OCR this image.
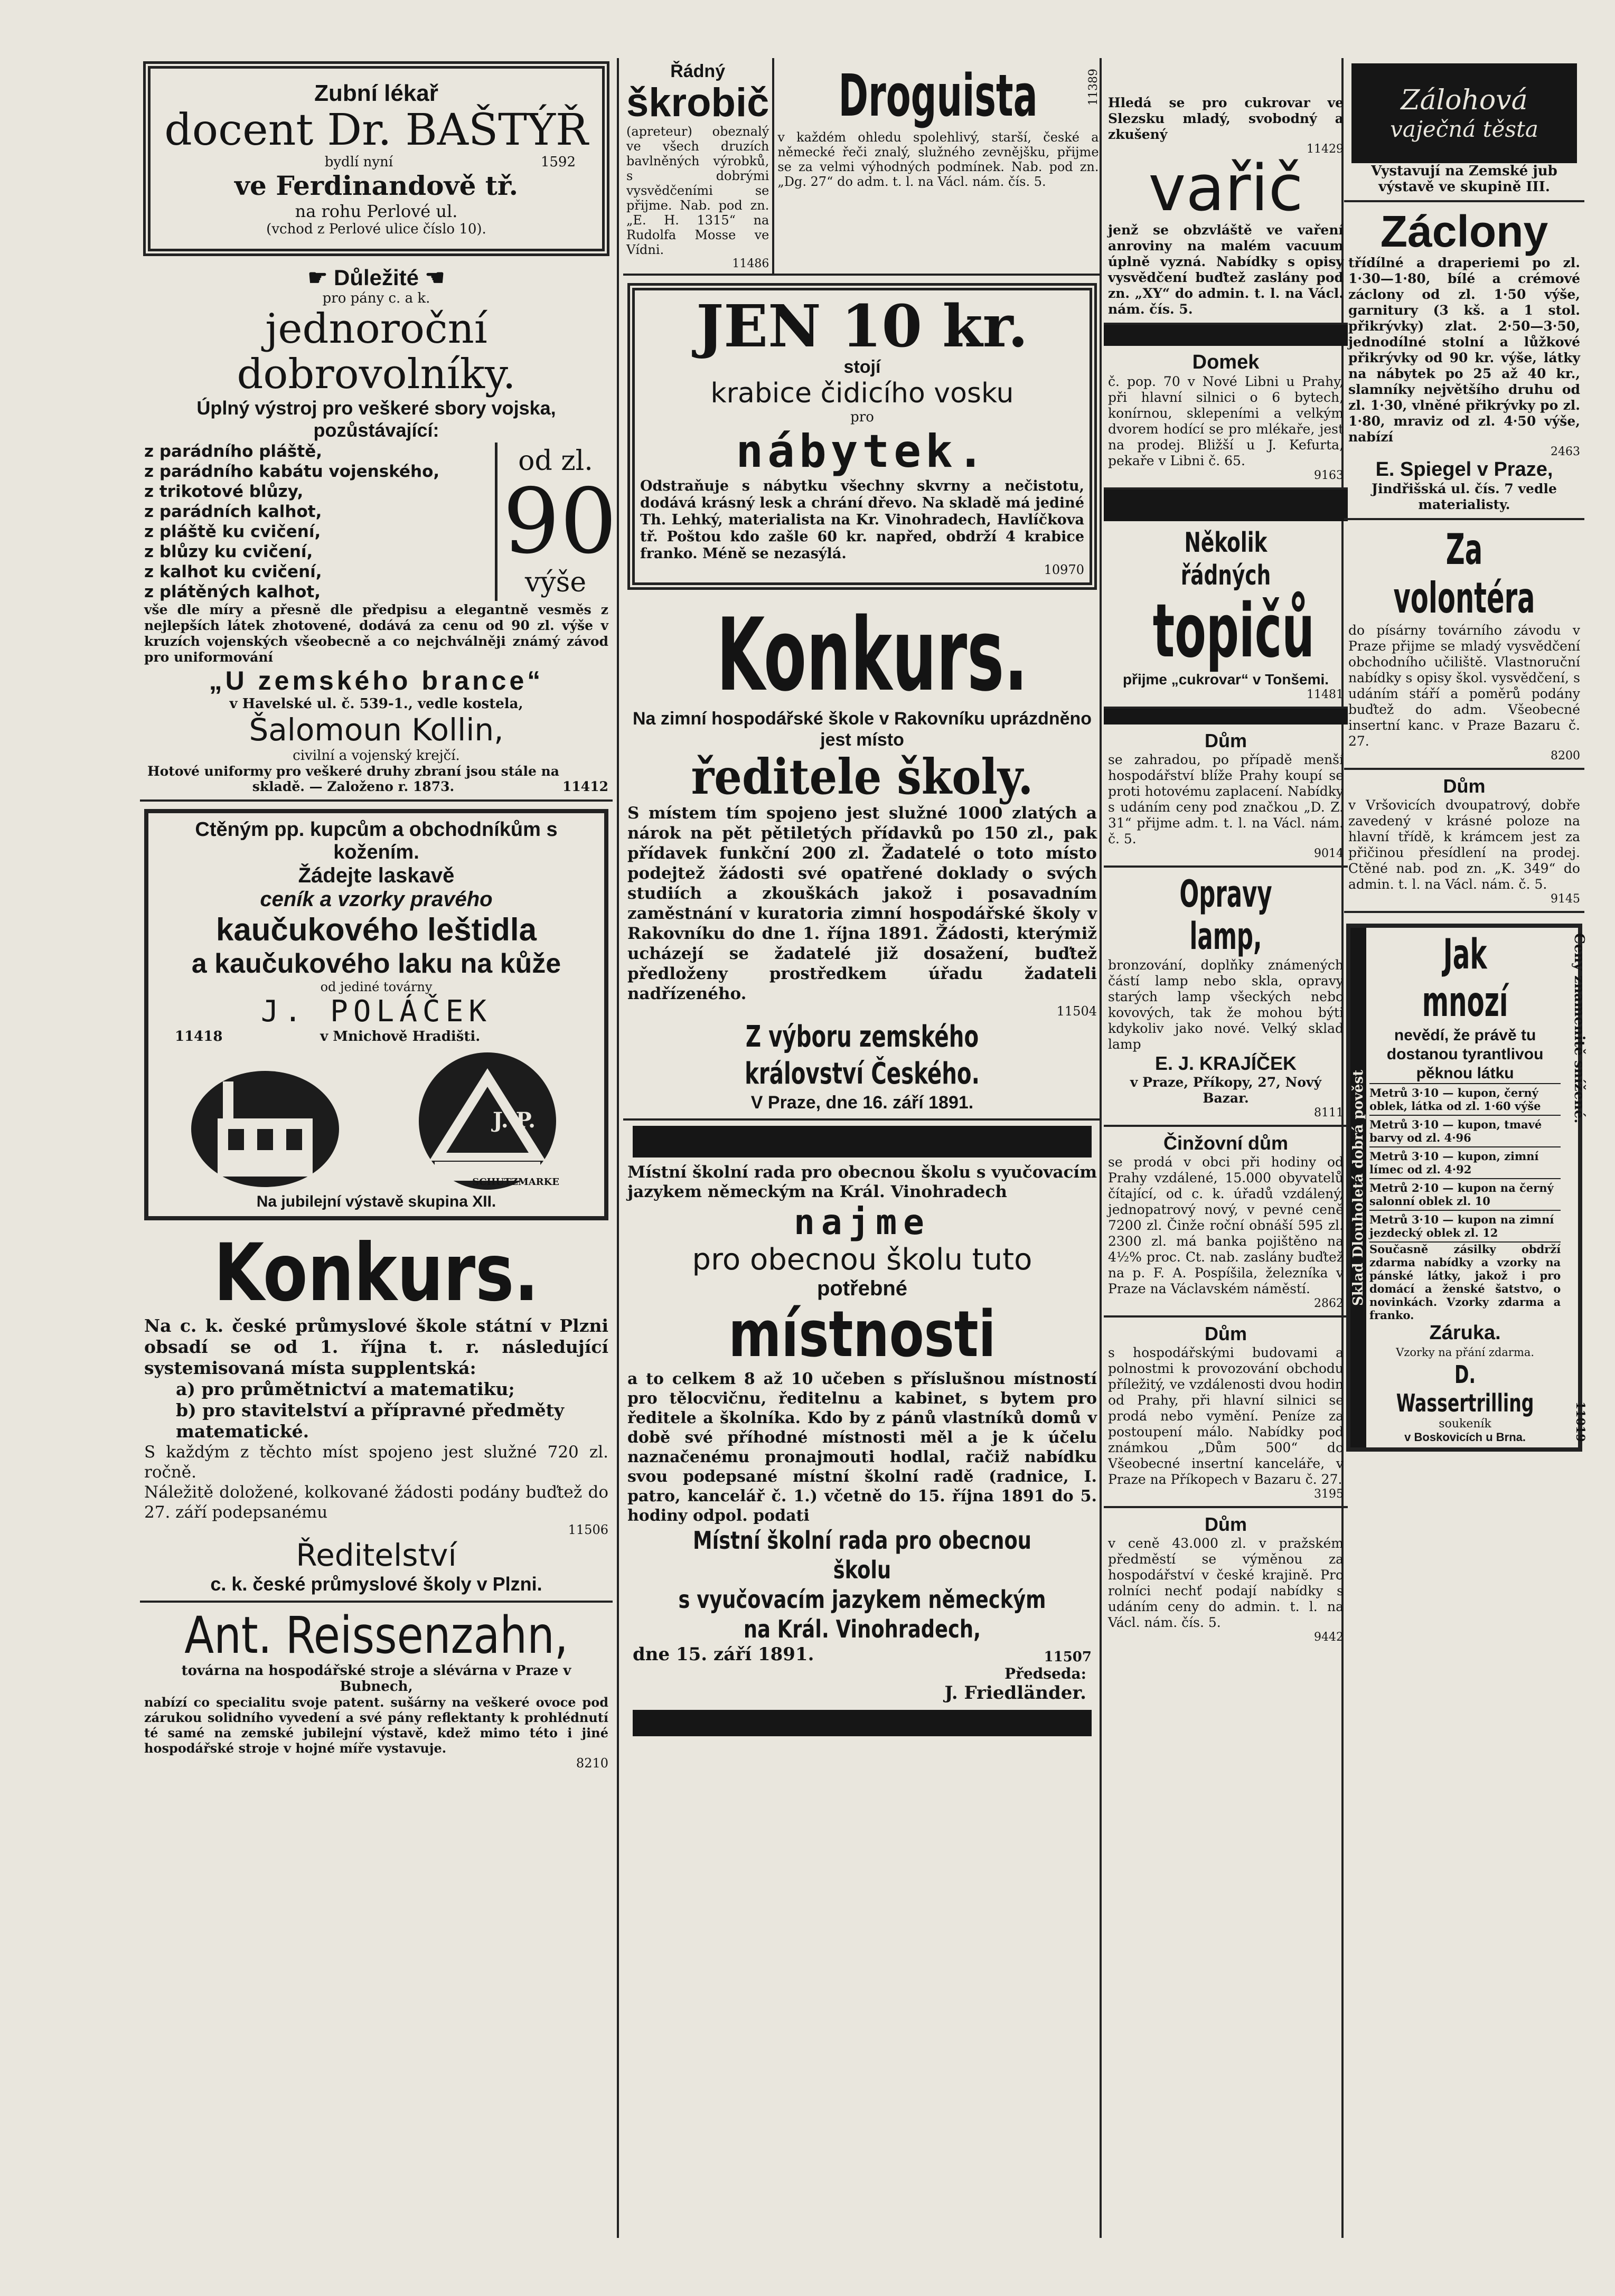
Zubní lékař
docent Dr. BAŠTÝŘ
bydlí nyní	1592
ve Ferdinandově tř.
na rohu Perlové ul.
(vchod z Perlové ulice číslo 10).
☛ Důležité ☚
pro pány c. a k.
jednoroční dobrovolníky.
Úplný výstroj pro veškeré sbory vojska, pozůstávající:
z parádního pláště,
z parádního kabátu vojenského,
z trikotové blůzy,
z parádních kalhot,
z pláště ku cvičení,
z blůzy ku cvičení,
z kalhot ku cvičení,
z plátěných kalhot,
od zl.
90
výše
vše dle míry a přesně dle předpisu a elegantně vesměs z nejlepších látek zhotovené, dodává za cenu od 90 zl. výše v kruzích vojenských všeobecně a co nejchválněji známý závod pro uniformování
„U zemského brance“
v Havelské ul. č. 539-1., vedle kostela,
Šalomoun Kollin,
civilní a vojenský krejčí.
Hotové uniformy pro veškeré druhy zbraní jsou stále na skladě. — Založeno r. 1873.	11412
Ctěným pp. kupcům a obchodníkům s kožením.
Žádejte laskavě
ceník a vzorky pravého
kaučukového leštidla
a kaučukového laku na kůže
od jediné továrny
J. POLÁČEK
11418	v Mnichově Hradišti.
J. P.
SCHUTZMARKE
Na jubilejní výstavě skupina XII.
Konkurs.
Na c. k. české průmyslové škole státní v Plzni obsadí se od 1. října t. r. následující systemisovaná místa supplentská:
a) pro průmětnictví a matematiku;
b) pro stavitelství a přípravné předměty matematické.
S každým z těchto míst spojeno jest služné 720 zl. ročně.
Náležitě doložené, kolkované žádosti podány buďtež do 27. září podepsanému
11506
Ředitelství
c. k. české průmyslové školy v Plzni.
Ant. Reissenzahn,
továrna na hospodářské stroje a slévárna v Praze v Bubnech,
nabízí co specialitu svoje patent. sušárny na veškeré ovoce pod zárukou solidního vyvedení a své pány reflektanty k prohlédnutí té samé na zemské jubilejní výstavě, kdež mimo této i jiné hospodářské stroje v hojné míře vystavuje.
8210
Řádný
škrobič
(apreteur) obeznalý ve všech druzích bavlněných výrobků, s dobrými vysvědčeními se přijme. Nab. pod zn. „E. H. 1315“ na Rudolfa Mosse ve Vídni.
11486
Droguista	11389
v každém ohledu spolehlivý, starší, české a německé řeči znalý, služného zevnějšku, přijme se za velmi výhodných podmínek. Nab. pod zn. „Dg. 27“ do adm. t. l. na Václ. nám. čís. 5.
JEN 10 kr.
stojí
krabice čidicího vosku
pro
nábytek.
Odstraňuje s nábytku všechny skvrny a nečistotu, dodává krásný lesk a chrání dřevo. Na skladě má jediné Th. Lehký, materialista na Kr. Vinohradech, Havlíčkova tř. Poštou kdo zašle 60 kr. napřed, obdrží 4 krabice franko. Méně se nezasýlá.
10970
Konkurs.
Na zimní hospodářské škole v Rakovníku uprázdněno jest místo
ředitele školy.
S místem tím spojeno jest služné 1000 zlatých a nárok na pět pětiletých přídavků po 150 zl., pak přídavek funkční 200 zl. Žadatelé o toto místo podejtež žádosti své opatřené doklady o svých studiích a zkouškách jakož i posavadním zaměstnání v kuratoria zimní hospodářské školy v Rakovníku do dne 1. října 1891. Žádosti, kterýmiž ucházejí se žadatelé již dosažení, buďtež předloženy prostředkem úřadu žadateli nadřízeného.
11504
Z výboru zemského království Českého.
V Praze, dne 16. září 1891.
Místní školní rada pro obecnou školu s vyučovacím jazykem německým na Král. Vinohradech
najme
pro obecnou školu tuto
potřebné
místnosti
a to celkem 8 až 10 učeben s příslušnou místností pro tělocvičnu, ředitelnu a kabinet, s bytem pro ředitele a školníka. Kdo by z pánů vlastníků domů v době své příhodné místnosti měl a je k účelu naznačenému pronajmouti hodlal, račiž nabídku svou podepsané místní školní radě (radnice, I. patro, kancelář č. 1.) včetně do 15. října 1891 do 5. hodiny odpol. podati
Místní školní rada pro obecnou školu
s vyučovacím jazykem německým
na Král. Vinohradech,
dne 15. září 1891.	11507
Předseda:
J. Friedländer.
Hledá se pro cukrovar ve Slezsku mladý, svobodný a zkušený
11429
vařič
jenž se obzvláště ve vaření anroviny na malém vacuum úplně vyzná. Nabídky s opisy vysvědčení buďtež zaslány pod zn. „XY“ do admin. t. l. na Václ. nám. čís. 5.
Domek
č. pop. 70 v Nové Libni u Prahy, při hlavní silnici o 6 bytech, konírnou, sklepeními a velkým dvorem hodící se pro mlékaře, jest na prodej. Bližší u J. Kefurta, pekaře v Libni č. 65.
9163
Několik řádných
topičů
přijme „cukrovar“ v Tonšemi.
11481
Dům
se zahradou, po případě menší hospodářství blíže Prahy koupí se proti hotovému zaplacení. Nabídky s udáním ceny pod značkou „D. Z. 31“ přijme adm. t. l. na Václ. nám. č. 5.
9014
Opravy lamp,
bronzování, doplňky známených částí lamp nebo skla, opravy starých lamp všeckých nebo kovových, tak že mohou býti kdykoliv jako nové. Velký sklad lamp
E. J. KRAJÍČEK
v Praze, Příkopy, 27, Nový Bazar.
8111
Činžovní dům
se prodá v obci při hodiny od Prahy vzdálené, 15.000 obyvatelů čítající, od c. k. úřadů vzdálený, jednopatrový nový, v pevné ceně 7200 zl. Činže roční obnáší 595 zl. 2300 zl. má banka pojištěno na 4½% proc. Ct. nab. zaslány buďtež na p. F. A. Pospíšila, železníka v Praze na Václavském náměstí.
2862
Dům
s hospodářskými budovami a polnostmi k provozování obchodu příležitý, ve vzdálenosti dvou hodin od Prahy, při hlavní silnici se prodá nebo vymění. Peníze za postoupení málo. Nabídky pod známkou „Dům 500“ do Všeobecné insertní kanceláře, v Praze na Příkopech v Bazaru č. 27.
3195
Dům
v ceně 43.000 zl. v pražském předměstí se výměnou za hospodářství v české krajině. Pro rolníci nechť podají nabídky s udáním ceny do admin. t. l. na Václ. nám. čís. 5.
9442
Zálohová
vaječná těsta
Vystavují na Zemské jub výstavě ve skupině III.
Záclony
třídílné a draperiemi po zl. 1·30—1·80, bílé a crémové záclony od zl. 1·50 výše, garnitury (3 kš. a 1 stol. přikrývky) zlat. 2·50—3·50, jednodílné stolní a lůžkové přikrývky od 90 kr. výše, látky na nábytek po 25 až 40 kr., slamníky největšího druhu od zl. 1·30, vlněné přikrývky po zl. 1·80, mraviz od zl. 4·50 výše, nabízí
2463
E. Spiegel v Praze,
Jindřišská ul. čís. 7 vedle materialisty.
Za volontéra
do písárny továrního závodu v Praze přijme se mladý vysvědčení obchodního učiliště. Vlastnoruční nabídky s opisy škol. vysvědčení, s udáním stáří a poměrů podány buďtež do adm. Všeobecné insertní kanc. v Praze Bazaru č. 27.
8200
Dům
v Vršovicích dvoupatrový, dobře zavedený v krásné poloze na hlavní třídě, k krámcem jest za přičinou přesídlení na prodej. Ctěné nab. pod zn. „K. 349“ do admin. t. l. na Václ. nám. č. 5.
9145
Sklad Dlouholetá dobrá pověst
Jak mnozí
nevědí, že právě tu dostanou tyrantlivou pěknou látku
Metrů 3·10 — kupon, černý oblek, látka od zl. 1·60 výše
Metrů 3·10 — kupon, tmavé barvy od zl. 4·96
Metrů 3·10 — kupon, zimní límec od zl. 4·92
Metrů 2·10 — kupon na černý salonní oblek zl. 10
Metrů 3·10 — kupon na zimní jezdecký oblek zl. 12
Současně zásilky obdrží zdarma nabídky a vzorky na pánské látky, jakož i pro domácí a ženské šatstvo, o novinkách. Vzorky zdarma a franko.
Záruka.
Vzorky na přání zdarma.
D. Wassertrilling
soukeník
v Boskovicích u Brna.
Ceny znamenitě snížené.
11019
